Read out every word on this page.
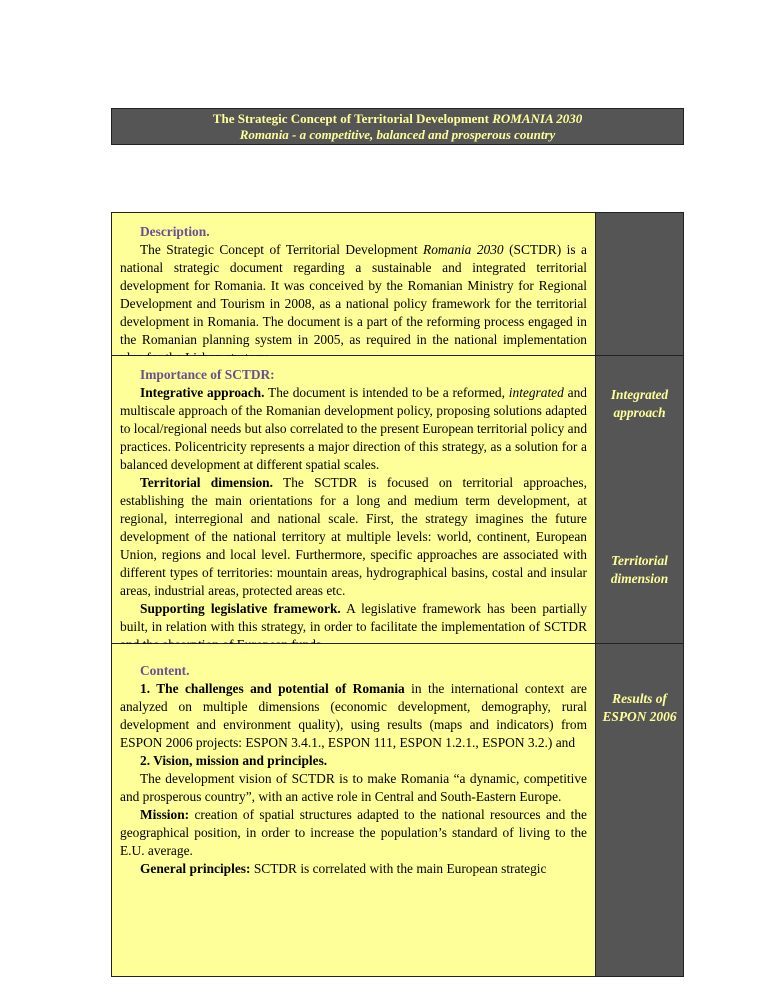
The Strategic Concept of Territorial Development ROMANIA 2030
Romania - a competitive, balanced and prosperous country
Description.

The Strategic Concept of Territorial Development Romania 2030 (SCTDR) is a national strategic document regarding a sustainable and integrated territorial development for Romania. It was conceived by the Romanian Ministry for Regional Development and Tourism in 2008, as a national policy framework for the territorial development in Romania. The document is a part of the reforming process engaged in the Romanian planning system in 2005, as required in the national implementation

Importance of SCTDR:

Integrative approach. The document is intended to be a reformed, integrated and multiscale approach of the Romanian development policy, proposing solutions adapted to local/regional needs but also correlated to the present European territorial policy and practices. Policentricity represents a major direction of this strategy, as a solution for a balanced development at different spatial scales.

Territorial dimension. The SCTDR is focused on territorial approaches, establishing the main orientations for a long and medium term development, at regional, interregional and national scale. First, the strategy imagines the future development of the national territory at multiple levels: world, continent, European Union, regions and local level. Furthermore, specific approaches are associated with different types of territories: mountain areas, hydrographical basins, costal and insular areas, industrial areas, protected areas etc.

Supporting legislative framework. A legislative framework has been partially built, in relation with this strategy, in order to facilitate the implementation of SCTDR

Integrated
approach
Territorial
dimension
Content.

1. The challenges and potential of Romania in the international context are analyzed on multiple dimensions (economic development, demography, rural development and environment quality), using results (maps and indicators) from ESPON 2006 projects: ESPON 3.4.1., ESPON 111, ESPON 1.2.1., ESPON 3.2.) and

2. Vision, mission and principles.

The development vision of SCTDR is to make Romania “a dynamic, competitive and prosperous country”, with an active role in Central and South-Eastern Europe.

Mission: creation of spatial structures adapted to the national resources and the geographical position, in order to increase the population’s standard of living to the E.U. average.

General principles: SCTDR is correlated with the main European strategic

Results of
ESPON 2006
